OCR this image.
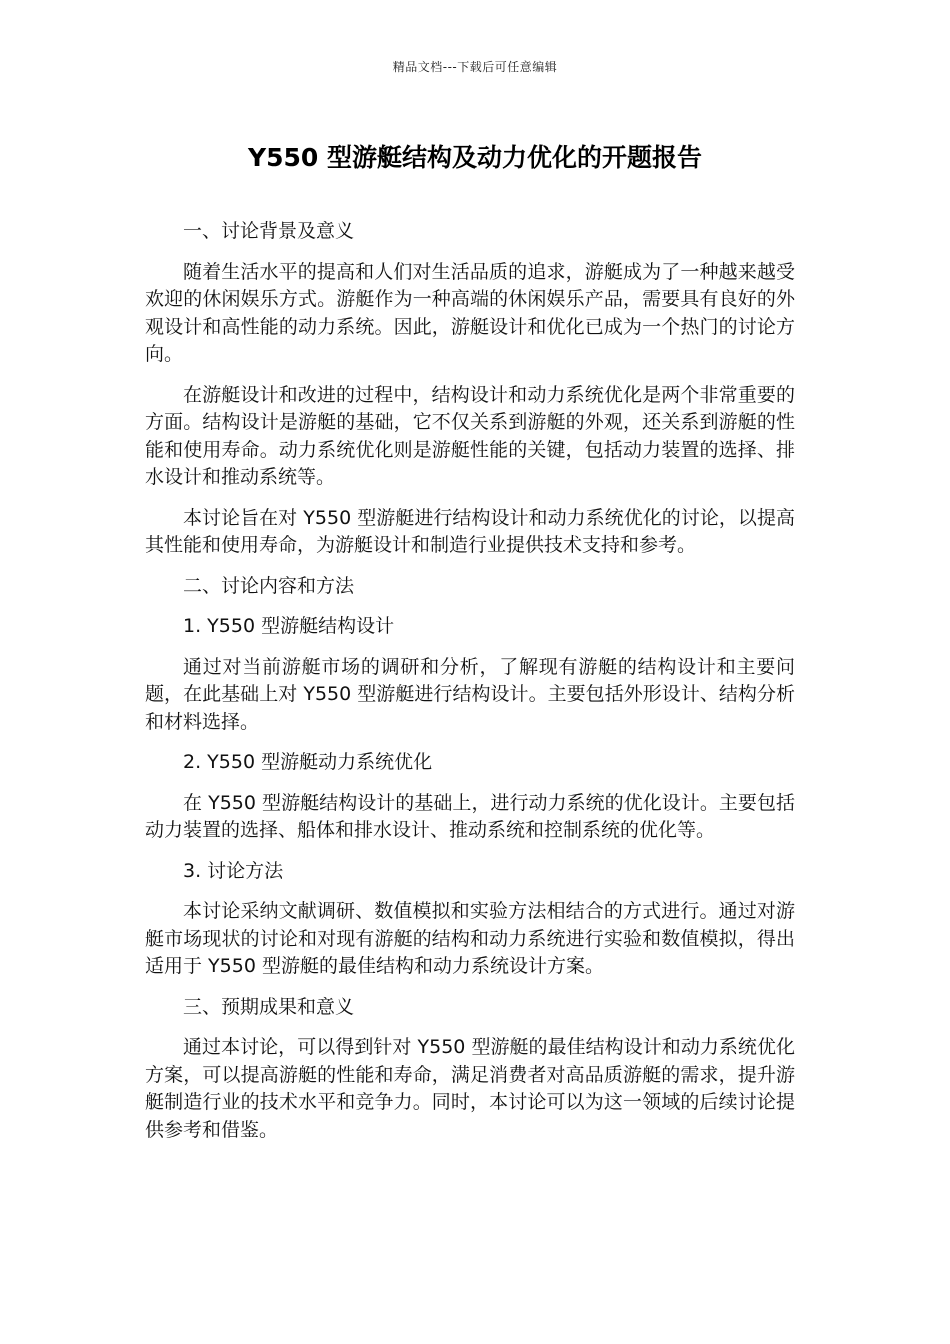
精品文档---下载后可任意编辑
Y550 型游艇结构及动力优化的开题报告

一、讨论背景及意义

随着生活水平的提高和人们对生活品质的追求，游艇成为了一种越来越受欢迎的休闲娱乐方式。游艇作为一种高端的休闲娱乐产品，需要具有良好的外观设计和高性能的动力系统。因此，游艇设计和优化已成为一个热门的讨论方向。

在游艇设计和改进的过程中，结构设计和动力系统优化是两个非常重要的方面。结构设计是游艇的基础，它不仅关系到游艇的外观，还关系到游艇的性能和使用寿命。动力系统优化则是游艇性能的关键，包括动力装置的选择、排水设计和推动系统等。

本讨论旨在对 Y550 型游艇进行结构设计和动力系统优化的讨论，以提高其性能和使用寿命，为游艇设计和制造行业提供技术支持和参考。

二、讨论内容和方法

1. Y550 型游艇结构设计

通过对当前游艇市场的调研和分析，了解现有游艇的结构设计和主要问题，在此基础上对 Y550 型游艇进行结构设计。主要包括外形设计、结构分析和材料选择。

2. Y550 型游艇动力系统优化

在 Y550 型游艇结构设计的基础上，进行动力系统的优化设计。主要包括动力装置的选择、船体和排水设计、推动系统和控制系统的优化等。

3. 讨论方法

本讨论采纳文献调研、数值模拟和实验方法相结合的方式进行。通过对游艇市场现状的讨论和对现有游艇的结构和动力系统进行实验和数值模拟，得出适用于 Y550 型游艇的最佳结构和动力系统设计方案。

三、预期成果和意义

通过本讨论，可以得到针对 Y550 型游艇的最佳结构设计和动力系统优化方案，可以提高游艇的性能和寿命，满足消费者对高品质游艇的需求，提升游艇制造行业的技术水平和竞争力。同时，本讨论可以为这一领域的后续讨论提供参考和借鉴。
